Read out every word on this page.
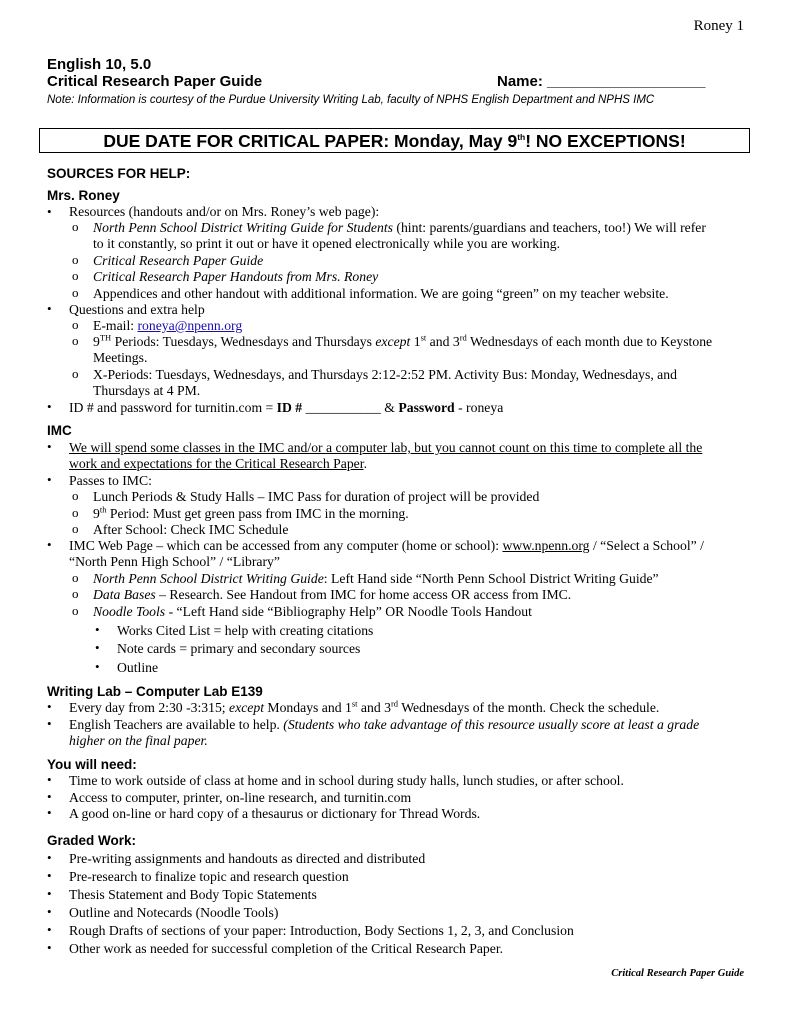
Roney 1
English 10, 5.0
Critical Research Paper Guide	Name: ___________________
Note: Information is courtesy of the Purdue University Writing Lab, faculty of NPHS English Department and NPHS IMC
DUE DATE FOR CRITICAL PAPER: Monday, May 9th! NO EXCEPTIONS!
SOURCES FOR HELP:
Mrs. Roney
• Resources (handouts and/or on Mrs. Roney’s web page):
o North Penn School District Writing Guide for Students (hint: parents/guardians and teachers, too!) We will refer
to it constantly, so print it out or have it opened electronically while you are working.
o Critical Research Paper Guide
o Critical Research Paper Handouts from Mrs. Roney
o Appendices and other handout with additional information. We are going “green” on my teacher website.
• Questions and extra help
o E-mail: roneya@npenn.org
o 9TH Periods: Tuesdays, Wednesdays and Thursdays except 1st and 3rd Wednesdays of each month due to Keystone
Meetings.
o X-Periods: Tuesdays, Wednesdays, and Thursdays 2:12-2:52 PM. Activity Bus: Monday, Wednesdays, and
Thursdays at 4 PM.
• ID # and password for turnitin.com = ID # ___________ & Password - roneya
IMC
• We will spend some classes in the IMC and/or a computer lab, but you cannot count on this time to complete all the
work and expectations for the Critical Research Paper.
• Passes to IMC:
o Lunch Periods & Study Halls – IMC Pass for duration of project will be provided
o 9th Period: Must get green pass from IMC in the morning.
o After School: Check IMC Schedule
• IMC Web Page – which can be accessed from any computer (home or school): www.npenn.org / “Select a School” /
“North Penn High School” / “Library”
o North Penn School District Writing Guide: Left Hand side “North Penn School District Writing Guide”
o Data Bases – Research. See Handout from IMC for home access OR access from IMC.
o Noodle Tools - “Left Hand side “Bibliography Help” OR Noodle Tools Handout
• Works Cited List = help with creating citations
• Note cards = primary and secondary sources
• Outline
Writing Lab – Computer Lab E139
• Every day from 2:30 -3:315; except Mondays and 1st and 3rd Wednesdays of the month. Check the schedule.
• English Teachers are available to help. (Students who take advantage of this resource usually score at least a grade
higher on the final paper.
You will need:
• Time to work outside of class at home and in school during study halls, lunch studies, or after school.
• Access to computer, printer, on-line research, and turnitin.com
• A good on-line or hard copy of a thesaurus or dictionary for Thread Words.
Graded Work:
• Pre-writing assignments and handouts as directed and distributed
• Pre-research to finalize topic and research question
• Thesis Statement and Body Topic Statements
• Outline and Notecards (Noodle Tools)
• Rough Drafts of sections of your paper: Introduction, Body Sections 1, 2, 3, and Conclusion
• Other work as needed for successful completion of the Critical Research Paper.
Critical Research Paper Guide
